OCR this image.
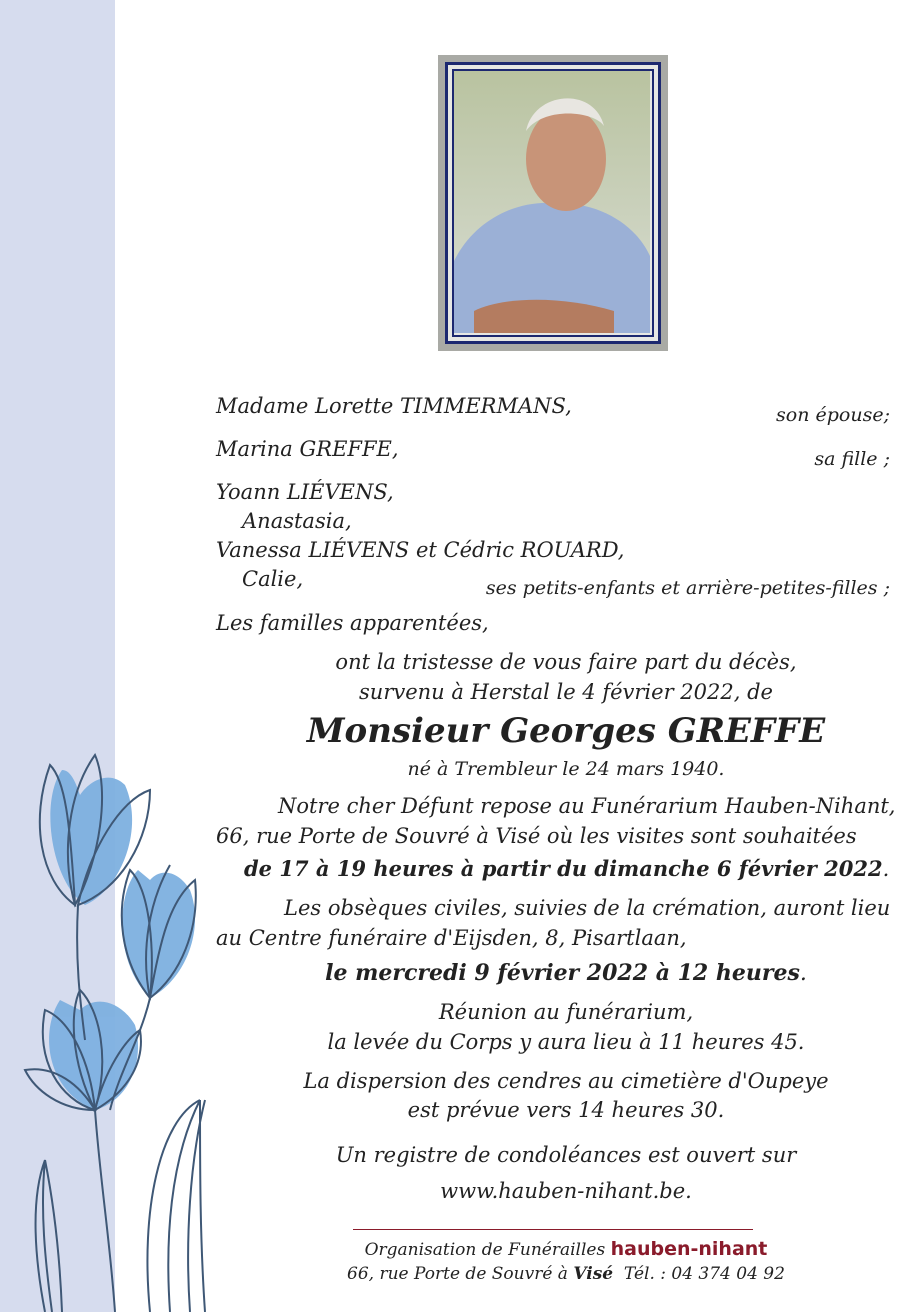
Madame Lorette TIMMERMANS,	son épouse;
Marina GREFFE,	sa fille ;
Yoann LIÉVENS,
Anastasia,
Vanessa LIÉVENS et Cédric ROUARD,
Calie,	ses petits-enfants et arrière-petites-filles ;
Les familles apparentées,
ont la tristesse de vous faire part du décès,
survenu à Herstal le 4 février 2022, de
Monsieur Georges GREFFE
né à Trembleur le 24 mars 1940.
Notre cher Défunt repose au Funérarium Hauben-Nihant,
66, rue Porte de Souvré à Visé où les visites sont souhaitées
de 17 à 19 heures à partir du dimanche 6 février 2022.
Les obsèques civiles, suivies de la crémation, auront lieu
au Centre funéraire d'Eijsden, 8, Pisartlaan,
le mercredi 9 février 2022 à 12 heures.
Réunion au funérarium,
la levée du Corps y aura lieu à 11 heures 45.
La dispersion des cendres au cimetière d'Oupeye
est prévue vers 14 heures 30.
Un registre de condoléances est ouvert sur
www.hauben-nihant.be.
Organisation de Funérailles hauben-nihant
66, rue Porte de Souvré à Visé Tél. : 04 374 04 92
